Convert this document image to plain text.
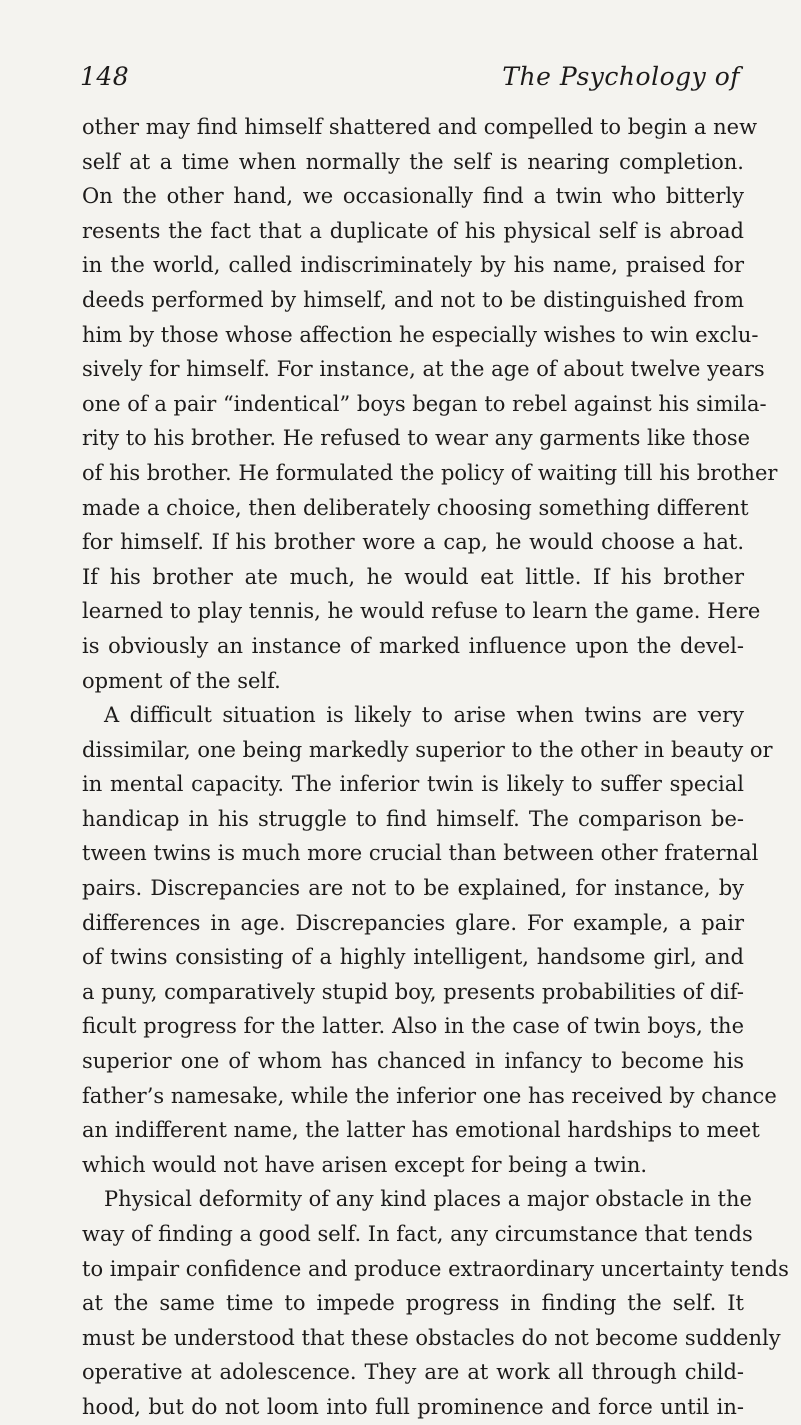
148	The Psychology of
other may find himself shattered and compelled to begin a new
self at a time when normally the self is nearing completion.
On the other hand, we occasionally find a twin who bitterly
resents the fact that a duplicate of his physical self is abroad
in the world, called indiscriminately by his name, praised for
deeds performed by himself, and not to be distinguished from
him by those whose affection he especially wishes to win exclu-
sively for himself. For instance, at the age of about twelve years
one of a pair “indentical” boys began to rebel against his simila-
rity to his brother. He refused to wear any garments like those
of his brother. He formulated the policy of waiting till his brother
made a choice, then deliberately choosing something different
for himself. If his brother wore a cap, he would choose a hat.
If his brother ate much, he would eat little. If his brother
learned to play tennis, he would refuse to learn the game. Here
is obviously an instance of marked influence upon the devel-
opment of the self.
A difficult situation is likely to arise when twins are very
dissimilar, one being markedly superior to the other in beauty or
in mental capacity. The inferior twin is likely to suffer special
handicap in his struggle to find himself. The comparison be-
tween twins is much more crucial than between other fraternal
pairs. Discrepancies are not to be explained, for instance, by
differences in age. Discrepancies glare. For example, a pair
of twins consisting of a highly intelligent, handsome girl, and
a puny, comparatively stupid boy, presents probabilities of dif-
ficult progress for the latter. Also in the case of twin boys, the
superior one of whom has chanced in infancy to become his
father’s namesake, while the inferior one has received by chance
an indifferent name, the latter has emotional hardships to meet
which would not have arisen except for being a twin.
Physical deformity of any kind places a major obstacle in the
way of finding a good self. In fact, any circumstance that tends
to impair confidence and produce extraordinary uncertainty tends
at the same time to impede progress in finding the self. It
must be understood that these obstacles do not become suddenly
operative at adolescence. They are at work all through child-
hood, but do not loom into full prominence and force until in-
